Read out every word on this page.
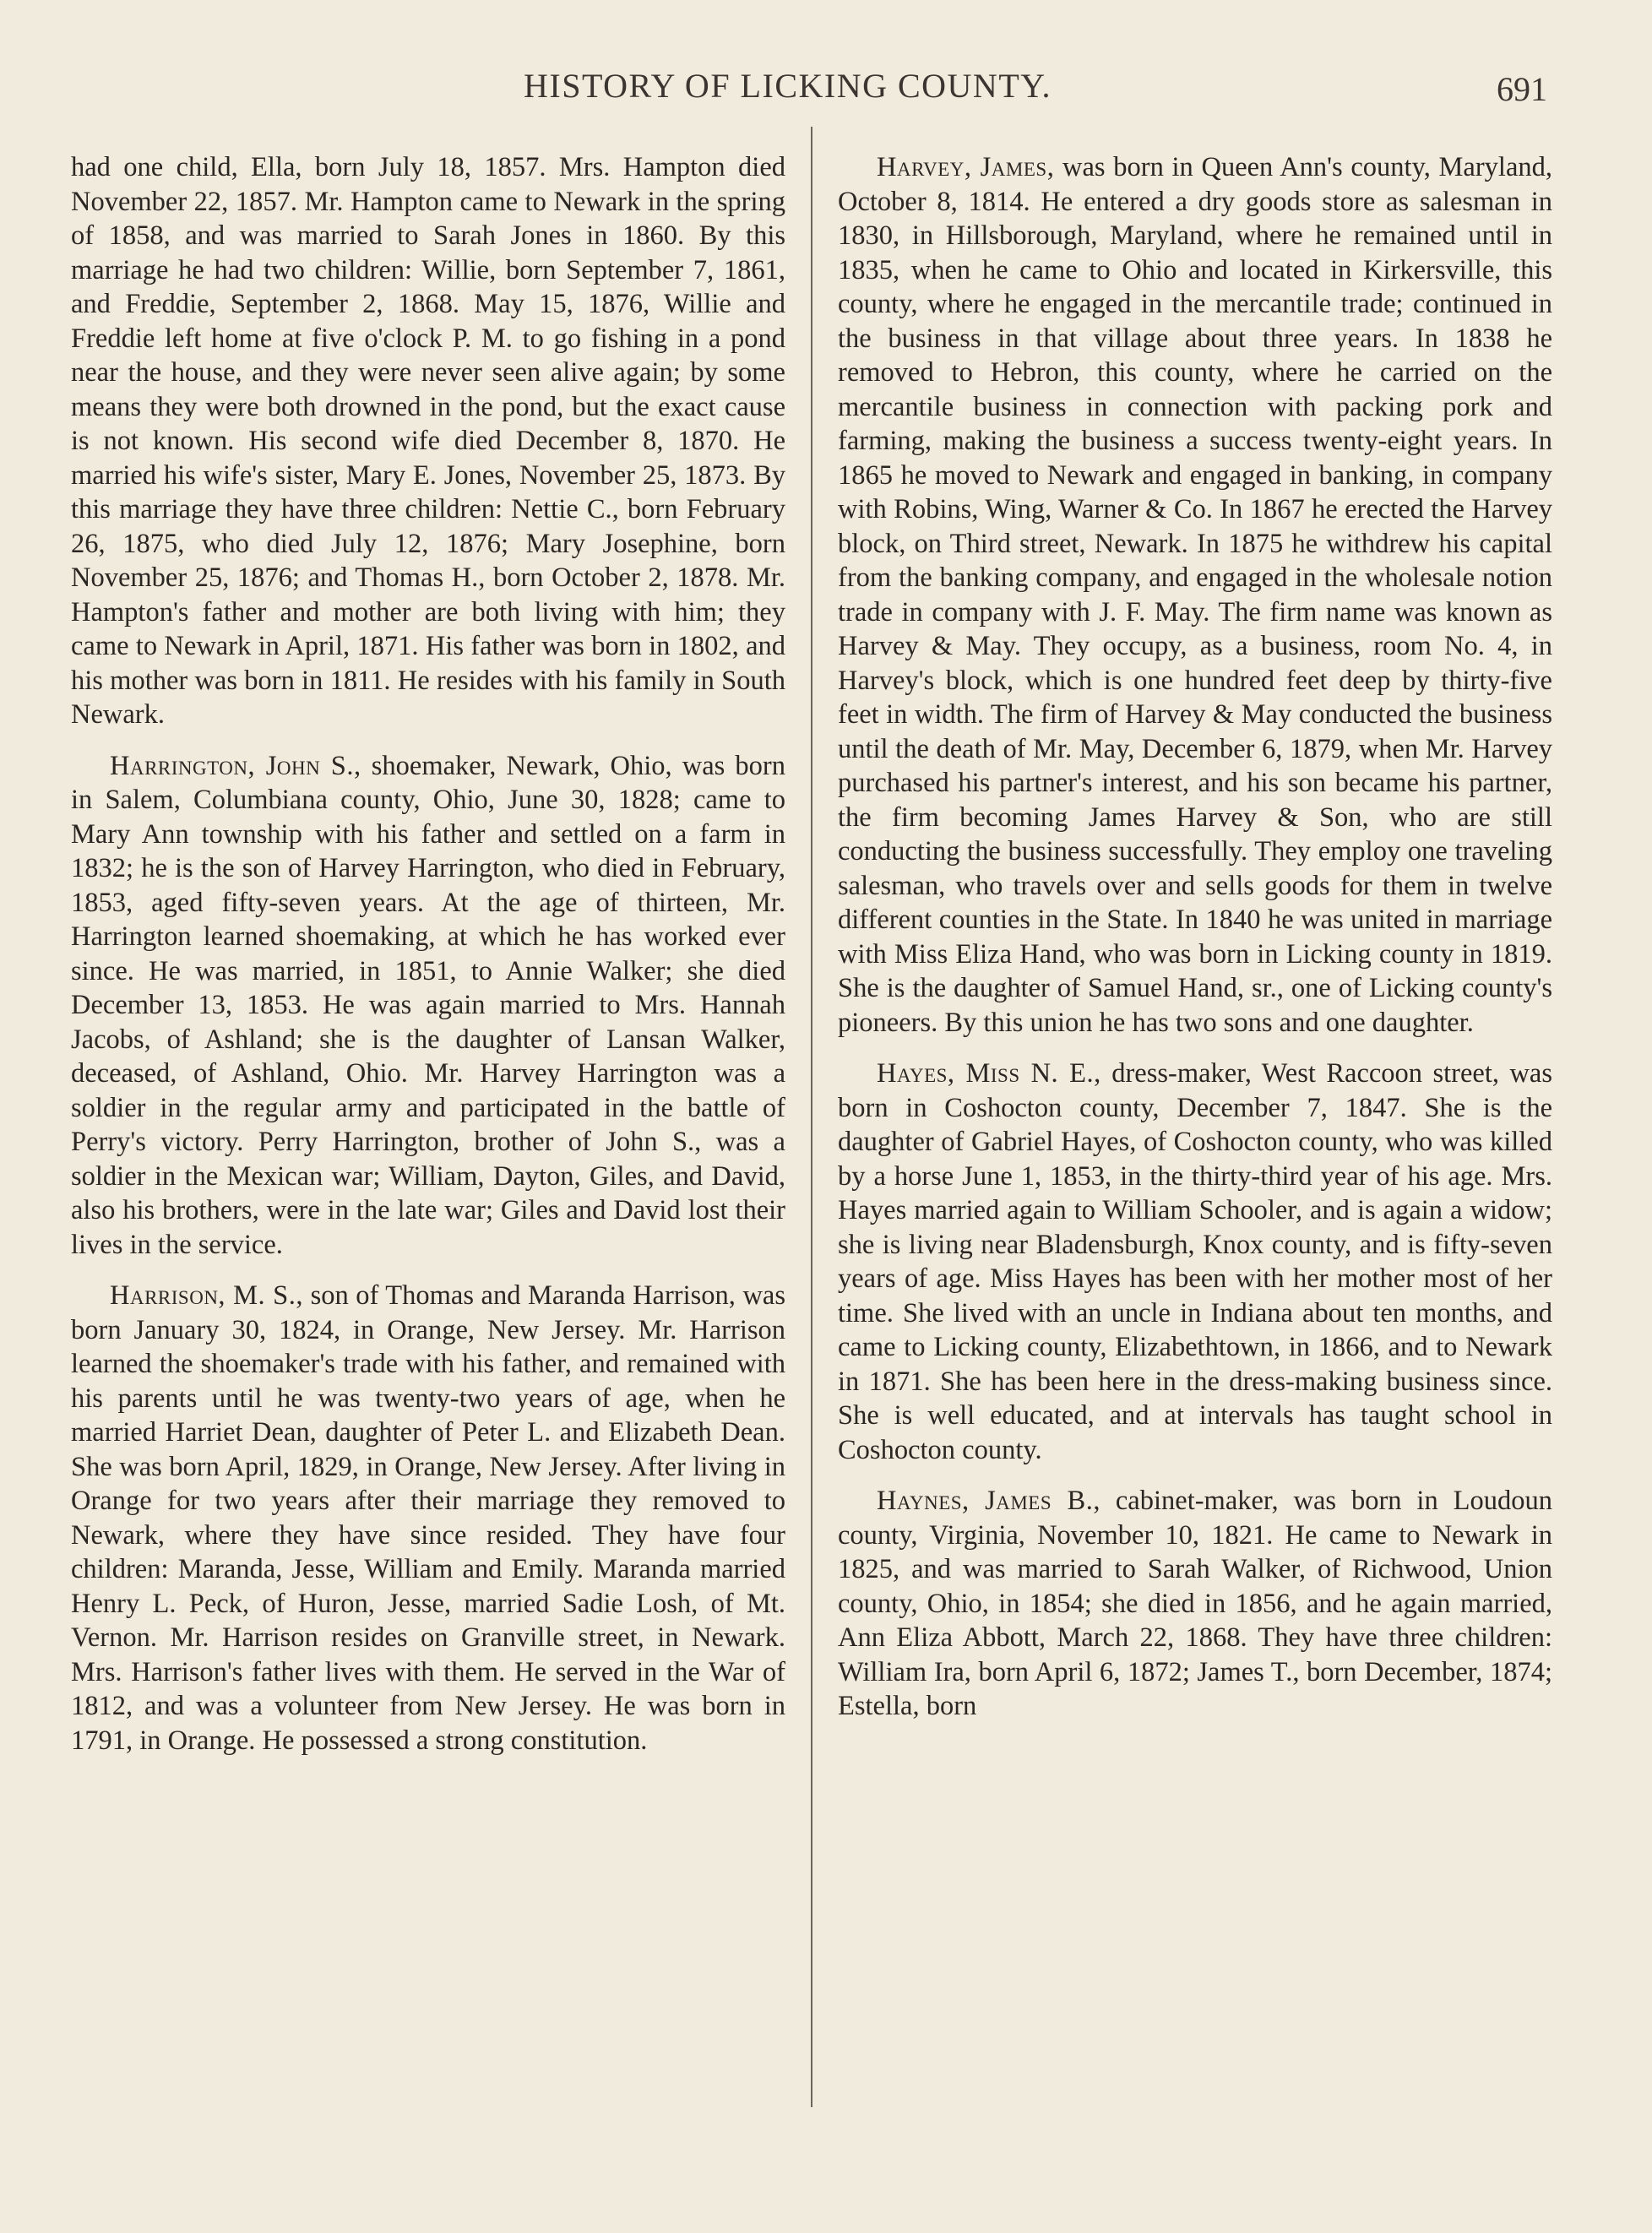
HISTORY OF LICKING COUNTY.	691

had one child, Ella, born July 18, 1857. Mrs. Hampton died November 22, 1857. Mr. Hampton came to Newark in the spring of 1858, and was married to Sarah Jones in 1860. By this marriage he had two children: Willie, born September 7, 1861, and Freddie, September 2, 1868. May 15, 1876, Willie and Freddie left home at five o'clock P. M. to go fishing in a pond near the house, and they were never seen alive again; by some means they were both drowned in the pond, but the exact cause is not known. His second wife died December 8, 1870. He married his wife's sister, Mary E. Jones, November 25, 1873. By this marriage they have three children: Nettie C., born February 26, 1875, who died July 12, 1876; Mary Josephine, born November 25, 1876; and Thomas H., born October 2, 1878. Mr. Hampton's father and mother are both living with him; they came to Newark in April, 1871. His father was born in 1802, and his mother was born in 1811. He resides with his family in South Newark.

Harrington, John S., shoemaker, Newark, Ohio, was born in Salem, Columbiana county, Ohio, June 30, 1828; came to Mary Ann township with his father and settled on a farm in 1832; he is the son of Harvey Harrington, who died in February, 1853, aged fifty-seven years. At the age of thirteen, Mr. Harrington learned shoemaking, at which he has worked ever since. He was married, in 1851, to Annie Walker; she died December 13, 1853. He was again married to Mrs. Hannah Jacobs, of Ashland; she is the daughter of Lansan Walker, deceased, of Ashland, Ohio. Mr. Harvey Harrington was a soldier in the regular army and participated in the battle of Perry's victory. Perry Harrington, brother of John S., was a soldier in the Mexican war; William, Dayton, Giles, and David, also his brothers, were in the late war; Giles and David lost their lives in the service.

Harrison, M. S., son of Thomas and Maranda Harrison, was born January 30, 1824, in Orange, New Jersey. Mr. Harrison learned the shoemaker's trade with his father, and remained with his parents until he was twenty-two years of age, when he married Harriet Dean, daughter of Peter L. and Elizabeth Dean. She was born April, 1829, in Orange, New Jersey. After living in Orange for two years after their marriage they removed to Newark, where they have since resided. They have four children: Maranda, Jesse, William and Emily. Maranda married Henry L. Peck, of Huron, Jesse, married Sadie Losh, of Mt. Vernon. Mr. Harrison resides on Granville street, in Newark. Mrs. Harrison's father lives with them. He served in the War of 1812, and was a volunteer from New Jersey. He was born in 1791, in Orange. He possessed a strong constitution.

Harvey, James, was born in Queen Ann's county, Maryland, October 8, 1814. He entered a dry goods store as salesman in 1830, in Hillsborough, Maryland, where he remained until in 1835, when he came to Ohio and located in Kirkersville, this county, where he engaged in the mercantile trade; continued in the business in that village about three years. In 1838 he removed to Hebron, this county, where he carried on the mercantile business in connection with packing pork and farming, making the business a success twenty-eight years. In 1865 he moved to Newark and engaged in banking, in company with Robins, Wing, Warner & Co. In 1867 he erected the Harvey block, on Third street, Newark. In 1875 he withdrew his capital from the banking company, and engaged in the wholesale notion trade in company with J. F. May. The firm name was known as Harvey & May. They occupy, as a business, room No. 4, in Harvey's block, which is one hundred feet deep by thirty-five feet in width. The firm of Harvey & May conducted the business until the death of Mr. May, December 6, 1879, when Mr. Harvey purchased his partner's interest, and his son became his partner, the firm becoming James Harvey & Son, who are still conducting the business successfully. They employ one traveling salesman, who travels over and sells goods for them in twelve different counties in the State. In 1840 he was united in marriage with Miss Eliza Hand, who was born in Licking county in 1819. She is the daughter of Samuel Hand, sr., one of Licking county's pioneers. By this union he has two sons and one daughter.

Hayes, Miss N. E., dress-maker, West Raccoon street, was born in Coshocton county, December 7, 1847. She is the daughter of Gabriel Hayes, of Coshocton county, who was killed by a horse June 1, 1853, in the thirty-third year of his age. Mrs. Hayes married again to William Schooler, and is again a widow; she is living near Bladensburgh, Knox county, and is fifty-seven years of age. Miss Hayes has been with her mother most of her time. She lived with an uncle in Indiana about ten months, and came to Licking county, Elizabethtown, in 1866, and to Newark in 1871. She has been here in the dress-making business since. She is well educated, and at intervals has taught school in Coshocton county.

Haynes, James B., cabinet-maker, was born in Loudoun county, Virginia, November 10, 1821. He came to Newark in 1825, and was married to Sarah Walker, of Richwood, Union county, Ohio, in 1854; she died in 1856, and he again married, Ann Eliza Abbott, March 22, 1868. They have three children: William Ira, born April 6, 1872; James T., born December, 1874; Estella, born
